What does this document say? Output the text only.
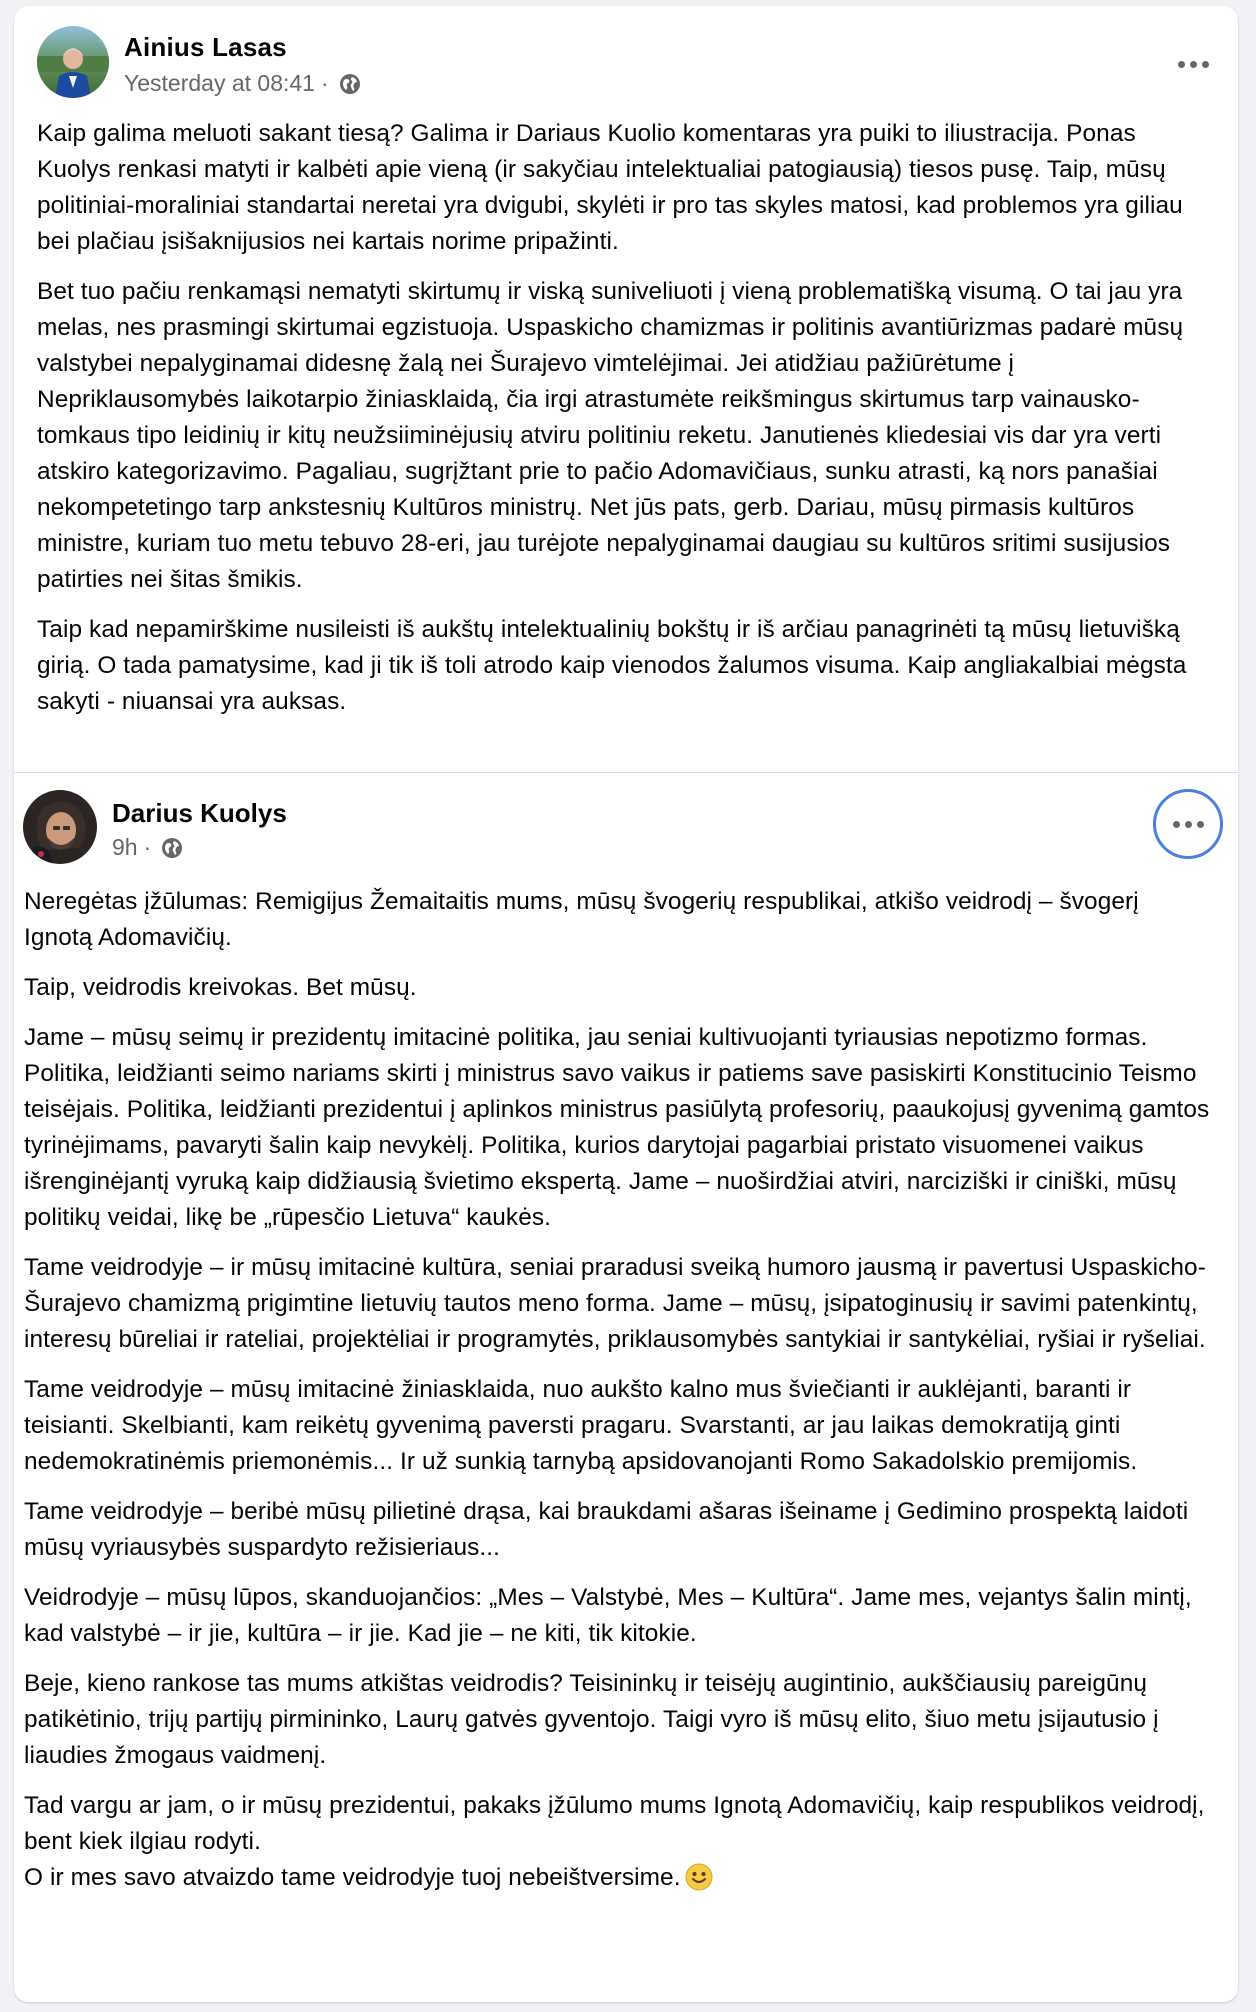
Ainius Lasas
Yesterday at 08:41 ·

Kaip galima meluoti sakant tiesą? Galima ir Dariaus Kuolio komentaras yra puiki to iliustracija. Ponas Kuolys renkasi matyti ir kalbėti apie vieną (ir sakyčiau intelektualiai patogiausią) tiesos pusę. Taip, mūsų politiniai-moraliniai standartai neretai yra dvigubi, skylėti ir pro tas skyles matosi, kad problemos yra giliau bei plačiau įsišaknijusios nei kartais norime pripažinti.

Bet tuo pačiu renkamąsi nematyti skirtumų ir viską suniveliuoti į vieną problematišką visumą. O tai jau yra melas, nes prasmingi skirtumai egzistuoja. Uspaskicho chamizmas ir politinis avantiūrizmas padarė mūsų valstybei nepalyginamai didesnę žalą nei Šurajevo vimtelėjimai. Jei atidžiau pažiūrėtume į Nepriklausomybės laikotarpio žiniasklaidą, čia irgi atrastumėte reikšmingus skirtumus tarp vainausko-tomkaus tipo leidinių ir kitų neužsiiminėjusių atviru politiniu reketu. Janutienės kliedesiai vis dar yra verti atskiro kategorizavimo. Pagaliau, sugrįžtant prie to pačio Adomavičiaus, sunku atrasti, ką nors panašiai nekompetetingo tarp ankstesnių Kultūros ministrų. Net jūs pats, gerb. Dariau, mūsų pirmasis kultūros ministre, kuriam tuo metu tebuvo 28-eri, jau turėjote nepalyginamai daugiau su kultūros sritimi susijusios patirties nei šitas šmikis.

Taip kad nepamirškime nusileisti iš aukštų intelektualinių bokštų ir iš arčiau panagrinėti tą mūsų lietuvišką girią. O tada pamatysime, kad ji tik iš toli atrodo kaip vienodos žalumos visuma. Kaip angliakalbiai mėgsta sakyti - niuansai yra auksas.

Darius Kuolys
9h ·

Neregėtas įžūlumas: Remigijus Žemaitaitis mums, mūsų švogerių respublikai, atkišo veidrodį – švogerį Ignotą Adomavičių.

Taip, veidrodis kreivokas. Bet mūsų.

Jame – mūsų seimų ir prezidentų imitacinė politika, jau seniai kultivuojanti tyriausias nepotizmo formas. Politika, leidžianti seimo nariams skirti į ministrus savo vaikus ir patiems save pasiskirti Konstitucinio Teismo teisėjais. Politika, leidžianti prezidentui į aplinkos ministrus pasiūlytą profesorių, paaukojusį gyvenimą gamtos tyrinėjimams, pavaryti šalin kaip nevykėlį. Politika, kurios darytojai pagarbiai pristato visuomenei vaikus išrenginėjantį vyruką kaip didžiausią švietimo ekspertą. Jame – nuoširdžiai atviri, narciziški ir ciniški, mūsų politikų veidai, likę be „rūpesčio Lietuva“ kaukės.

Tame veidrodyje – ir mūsų imitacinė kultūra, seniai praradusi sveiką humoro jausmą ir pavertusi Uspaskicho-Šurajevo chamizmą prigimtine lietuvių tautos meno forma. Jame – mūsų, įsipatoginusių ir savimi patenkintų, interesų būreliai ir rateliai, projektėliai ir programytės, priklausomybės santykiai ir santykėliai, ryšiai ir ryšeliai.

Tame veidrodyje – mūsų imitacinė žiniasklaida, nuo aukšto kalno mus šviečianti ir auklėjanti, baranti ir teisianti. Skelbianti, kam reikėtų gyvenimą paversti pragaru. Svarstanti, ar jau laikas demokratiją ginti nedemokratinėmis priemonėmis... Ir už sunkią tarnybą apsidovanojanti Romo Sakadolskio premijomis.

Tame veidrodyje – beribė mūsų pilietinė drąsa, kai braukdami ašaras išeiname į Gedimino prospektą laidoti mūsų vyriausybės suspardyto režisieriaus...

Veidrodyje – mūsų lūpos, skanduojančios: „Mes – Valstybė, Mes – Kultūra“. Jame mes, vejantys šalin mintį, kad valstybė – ir jie, kultūra – ir jie. Kad jie – ne kiti, tik kitokie.

Beje, kieno rankose tas mums atkištas veidrodis? Teisininkų ir teisėjų augintinio, aukščiausių pareigūnų patikėtinio, trijų partijų pirmininko, Laurų gatvės gyventojo. Taigi vyro iš mūsų elito, šiuo metu įsijautusio į liaudies žmogaus vaidmenį.

Tad vargu ar jam, o ir mūsų prezidentui, pakaks įžūlumo mums Ignotą Adomavičių, kaip respublikos veidrodį, bent kiek ilgiau rodyti.

O ir mes savo atvaizdo tame veidrodyje tuoj nebeištversime.
